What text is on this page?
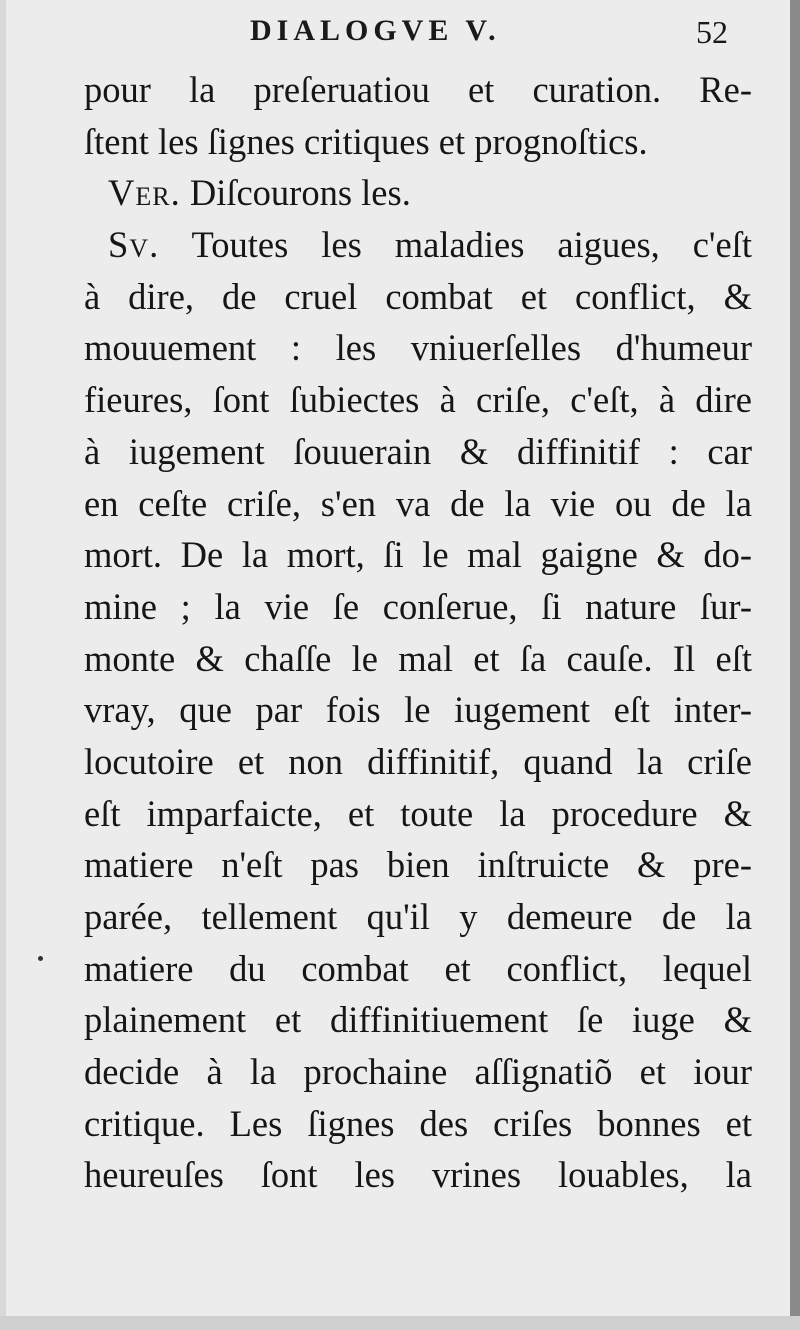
DIALOGVE V.	52
pour la preſeruatiou et curation. Re-
ſtent les ſignes critiques et prognoſtics.
Ver. Diſcourons les.
Sv. Toutes les maladies aigues, c'eſt
à dire, de cruel combat et conflict, &
mouuement : les vniuerſelles d'humeur
fieures, ſont ſubiectes à criſe, c'eſt, à dire
à iugement ſouuerain & diffinitif : car
en ceſte criſe, s'en va de la vie ou de la
mort. De la mort, ſi le mal gaigne & do-
mine ; la vie ſe conſerue, ſi nature ſur-
monte & chaſſe le mal et ſa cauſe. Il eſt
vray, que par fois le iugement eſt inter-
locutoire et non diffinitif, quand la criſe
eſt imparfaicte, et toute la procedure &
matiere n'eſt pas bien inſtruicte & pre-
parée, tellement qu'il y demeure de la
matiere du combat et conflict, lequel
plainement et diffinitiuement ſe iuge &
decide à la prochaine aſſignatiõ et iour
critique. Les ſignes des criſes bonnes et
heureuſes ſont les vrines louables, la
